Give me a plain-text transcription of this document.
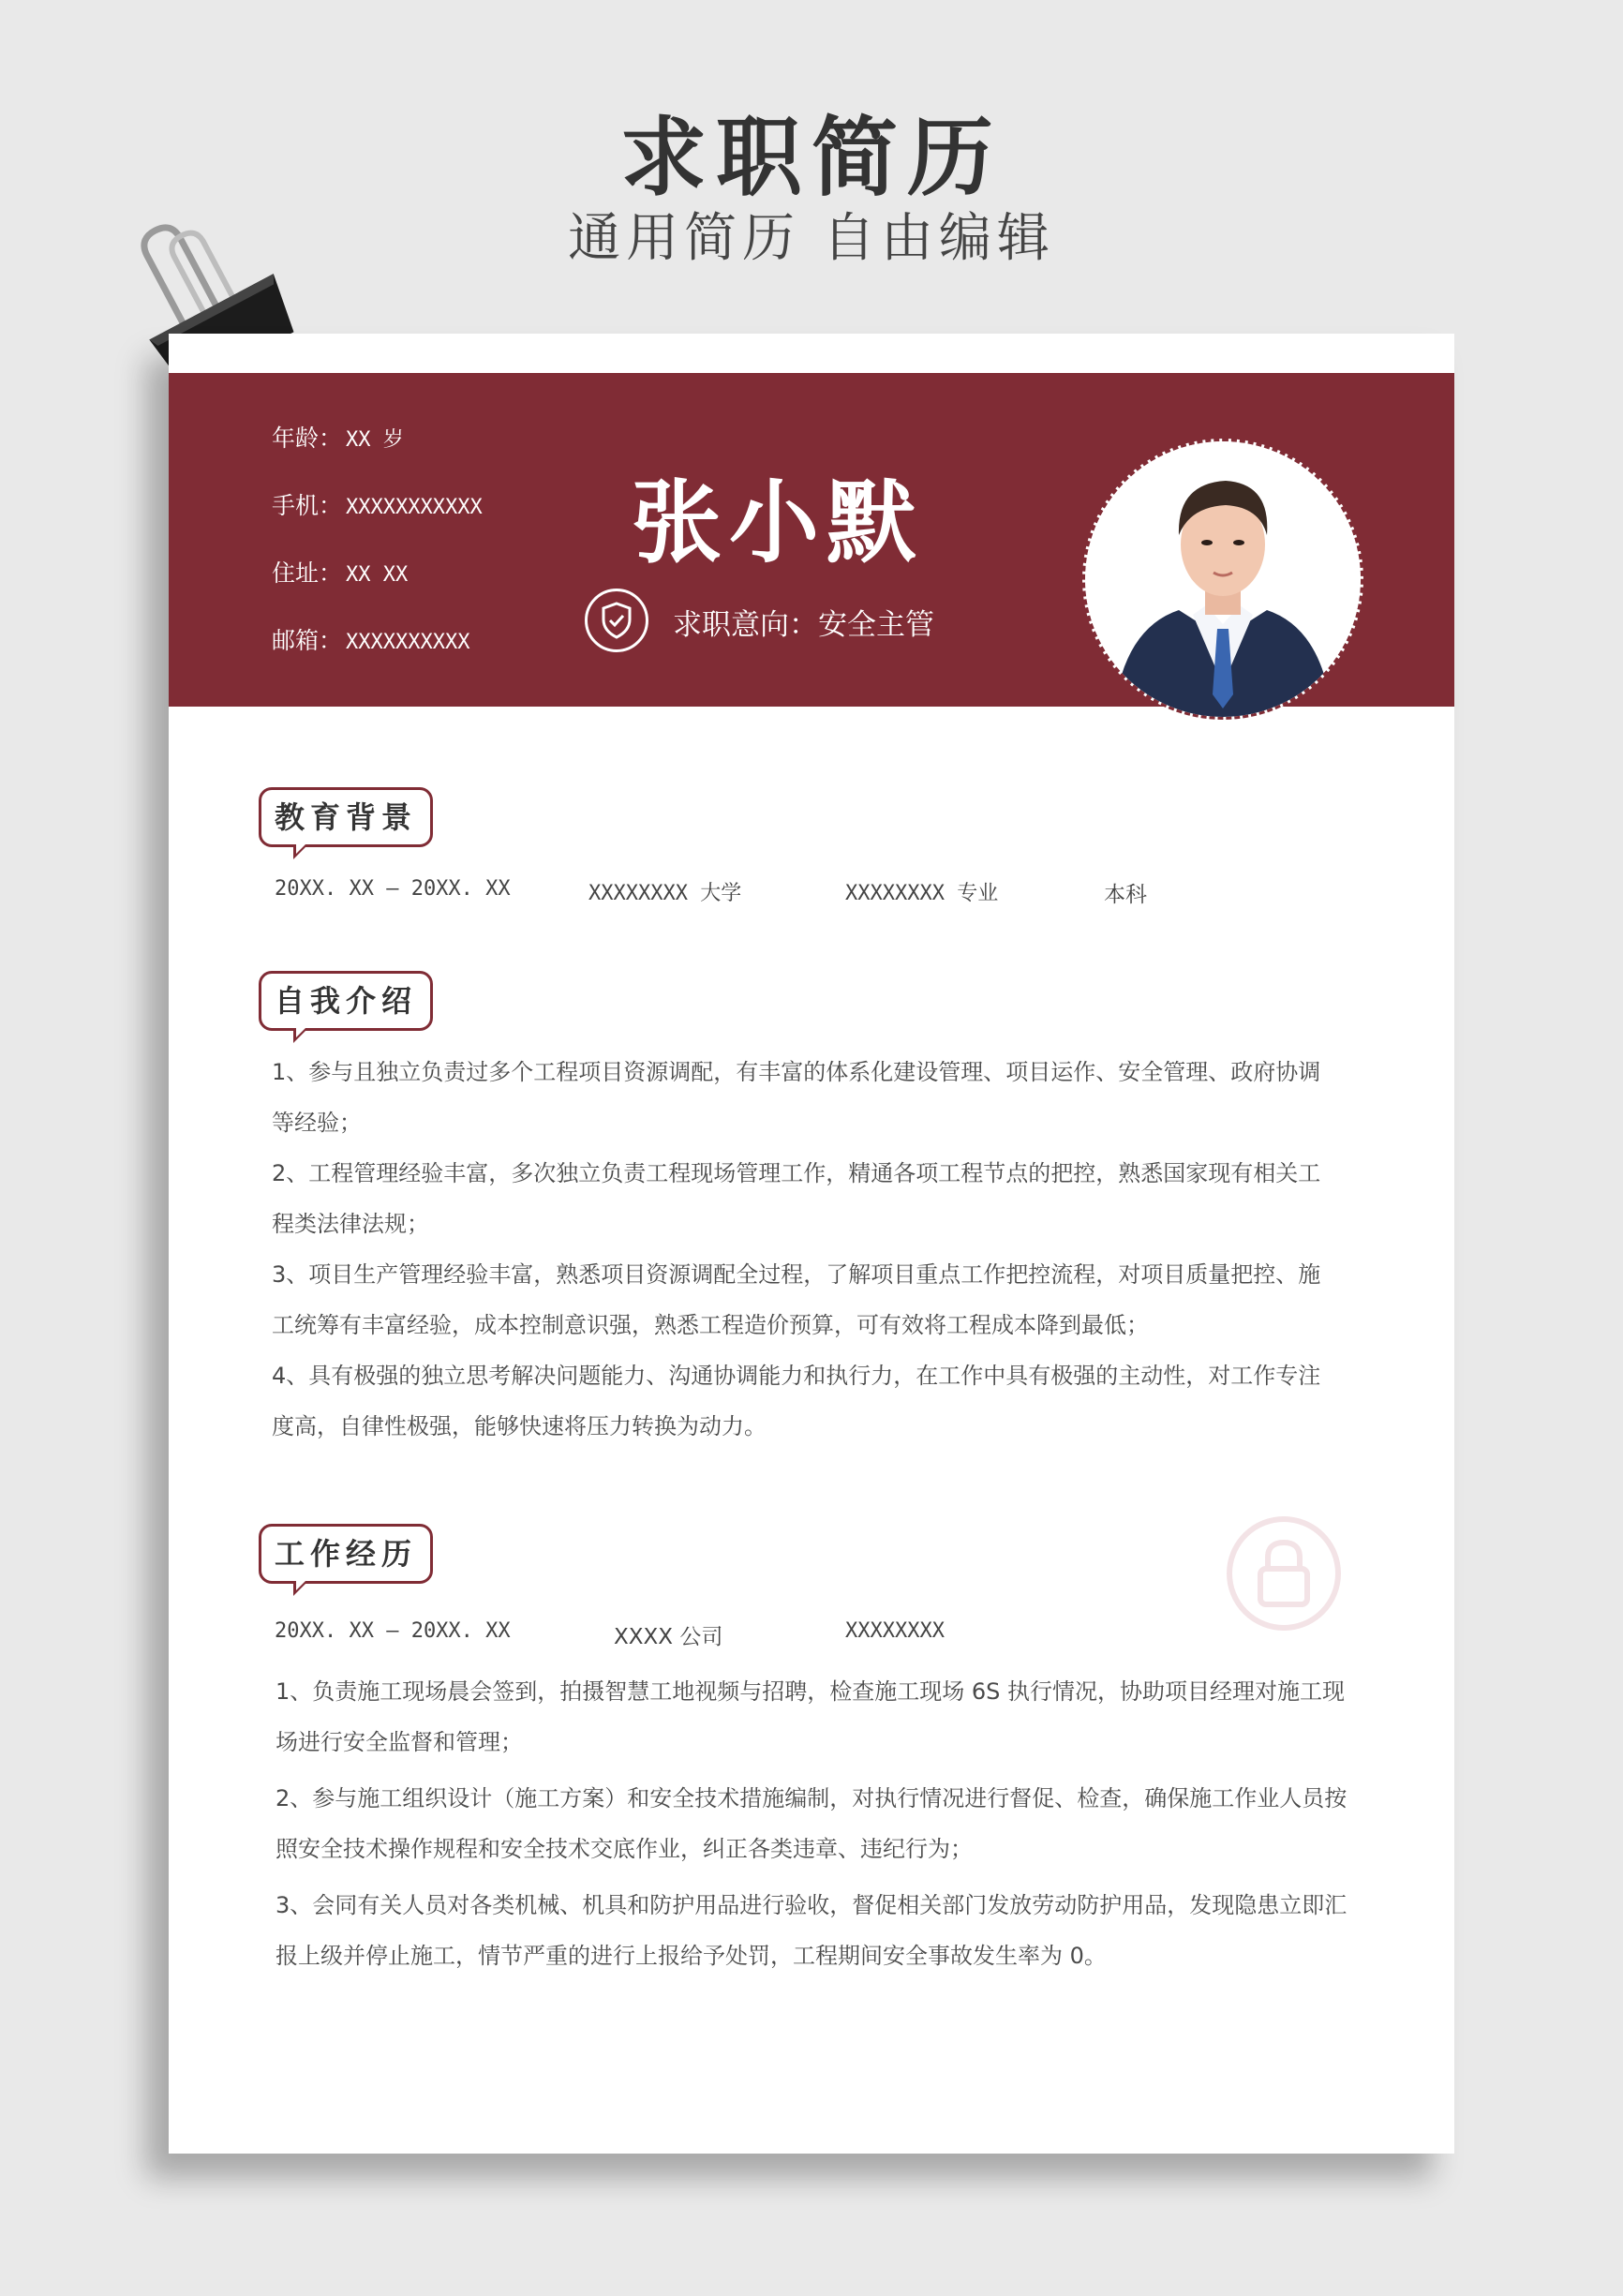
求职简历
通用简历 自由编辑
年龄： XX 岁
手机： XXXXXXXXXXX
住址： XX XX
邮箱： XXXXXXXXXX
张小默
求职意向：安全主管
教育背景
20XX. XX – 20XX. XX	XXXXXXXX 大学	XXXXXXXX 专业	本科
自我介绍

1、参与且独立负责过多个工程项目资源调配，有丰富的体系化建设管理、项目运作、安全管理、政府协调等经验；

2、工程管理经验丰富，多次独立负责工程现场管理工作，精通各项工程节点的把控，熟悉国家现有相关工程类法律法规；

3、项目生产管理经验丰富，熟悉项目资源调配全过程，了解项目重点工作把控流程，对项目质量把控、施工统筹有丰富经验，成本控制意识强，熟悉工程造价预算，可有效将工程成本降到最低；

4、具有极强的独立思考解决问题能力、沟通协调能力和执行力，在工作中具有极强的主动性，对工作专注度高，自律性极强，能够快速将压力转换为动力。

工作经历
20XX. XX – 20XX. XX	XXXX 公司	XXXXXXXX

1、负责施工现场晨会签到，拍摄智慧工地视频与招聘，检查施工现场 6S 执行情况，协助项目经理对施工现场进行安全监督和管理；

2、参与施工组织设计（施工方案）和安全技术措施编制，对执行情况进行督促、检查，确保施工作业人员按照安全技术操作规程和安全技术交底作业，纠正各类违章、违纪行为；

3、会同有关人员对各类机械、机具和防护用品进行验收，督促相关部门发放劳动防护用品，发现隐患立即汇报上级并停止施工，情节严重的进行上报给予处罚，工程期间安全事故发生率为 0。
